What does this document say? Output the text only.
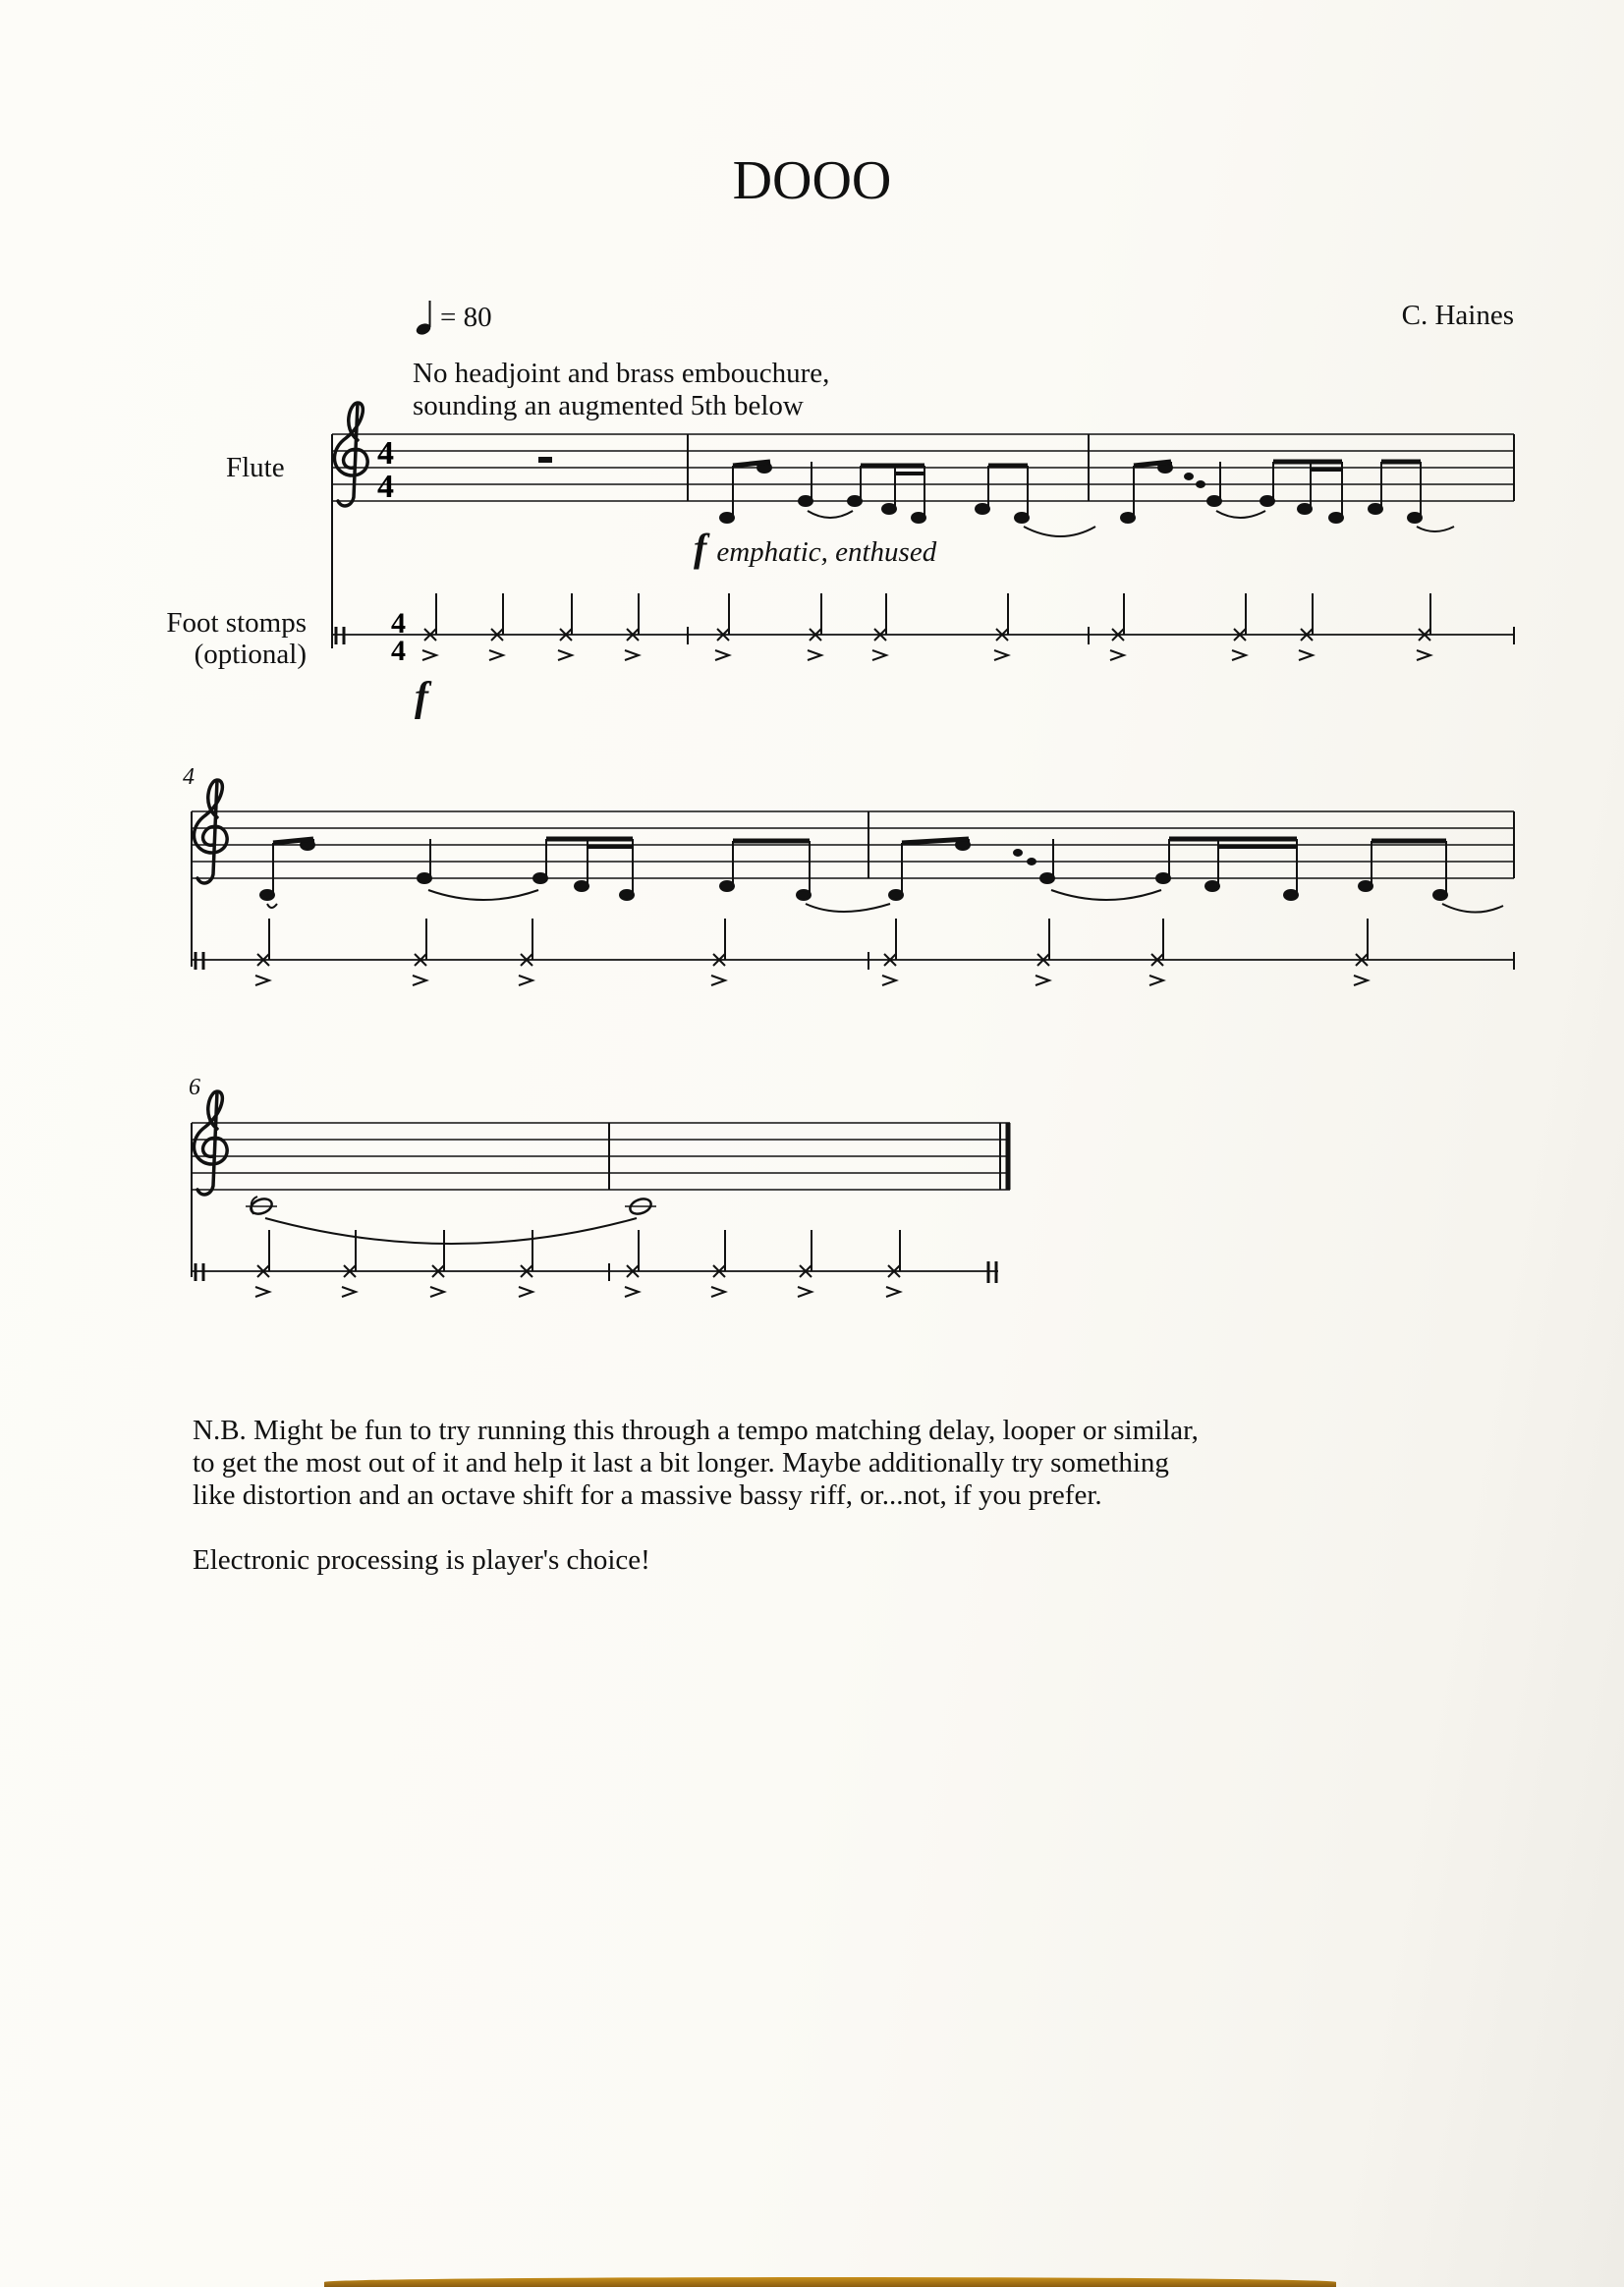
DOOO
= 80	C. Haines
No headjoint and brass embouchure,
sounding an augmented 5th below
Flute
Foot stomps
(optional)
f emphatic, enthused
f
4
6
4
4
4
4

N.B. Might be fun to try running this through a tempo matching delay, looper or similar,
to get the most out of it and help it last a bit longer. Maybe additionally try something
like distortion and an octave shift for a massive bassy riff, or...not, if you prefer.

Electronic processing is player's choice!
